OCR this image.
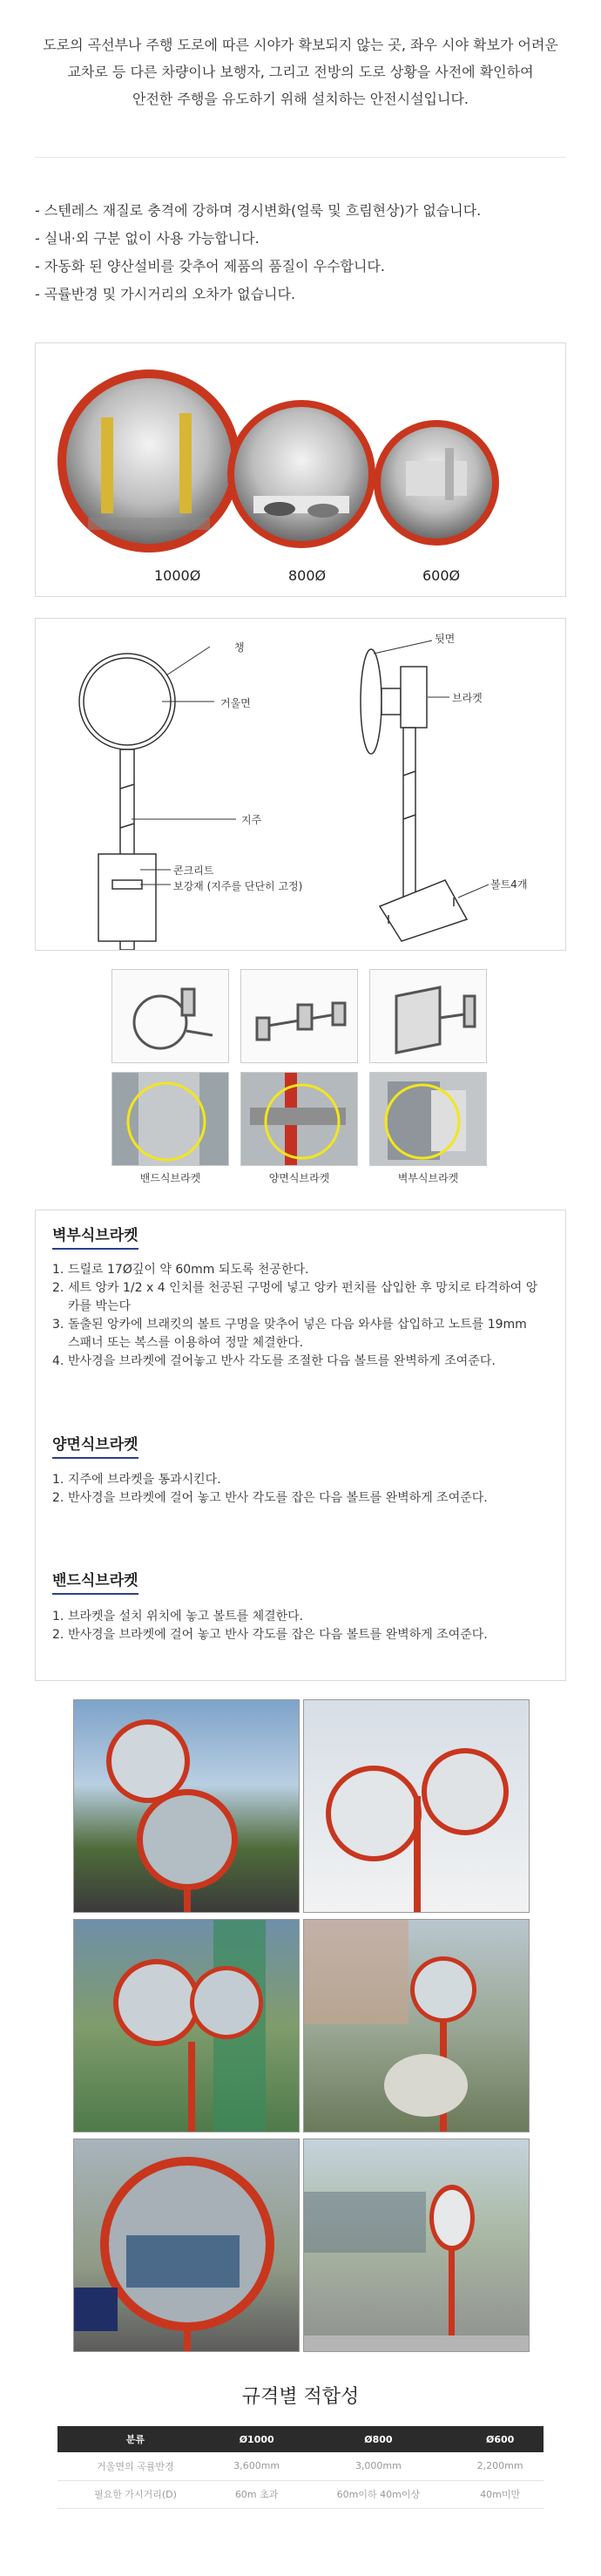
도로의 곡선부나 주행 도로에 따른 시야가 확보되지 않는 곳, 좌우 시야 확보가 어려운
교차로 등 다른 차량이나 보행자, 그리고 전방의 도로 상황을 사전에 확인하여
안전한 주행을 유도하기 위해 설치하는 안전시설입니다.
- 스텐레스 재질로 충격에 강하며 경시변화(얼룩 및 흐림현상)가 없습니다.
- 실내·외 구분 없이 사용 가능합니다.
- 자동화 된 양산설비를 갖추어 제품의 품질이 우수합니다.
- 곡률반경 및 가시거리의 오차가 없습니다.
1000Ø	800Ø	600Ø
챙
거울면
지주
콘크리트
보강재 (지주를 단단히 고정)
뒷면
브라켓
볼트4개
밴드식브라켓	양면식브라켓	벽부식브라켓
벽부식브라켓
1. 드릴로 17Ø깊이 약 60mm 되도록 천공한다.
2. 세트 앙카 1/2 x 4 인치를 천공된 구멍에 넣고 앙카 펀치를 삽입한 후 망치로 타격하여 앙카를 박는다
3. 돌출된 앙카에 브래킷의 볼트 구멍을 맞추어 넣은 다음 와샤를 삽입하고 노트를 19mm 스패너 또는 복스를 이용하여 정말 체결한다.
4. 반사경을 브라켓에 걸어놓고 반사 각도를 조절한 다음 볼트를 완벽하게 조여준다.
양면식브라켓
1. 지주에 브라켓을 통과시킨다.
2. 반사경을 브라켓에 걸어 놓고 반사 각도를 잡은 다음 볼트를 완벽하게 조여준다.
밴드식브라켓
1. 브라켓을 설치 위치에 놓고 볼트를 체결한다.
2. 반사경을 브라켓에 걸어 놓고 반사 각도를 잡은 다음 볼트를 완벽하게 조여준다.
규격별 적합성
분류	Ø1000	Ø800	Ø600
거울면의 곡률반경	3,600mm	3,000mm	2,200mm
필요한 가시거리(D)	60m 초과	60m이하 40m이상	40m미만
